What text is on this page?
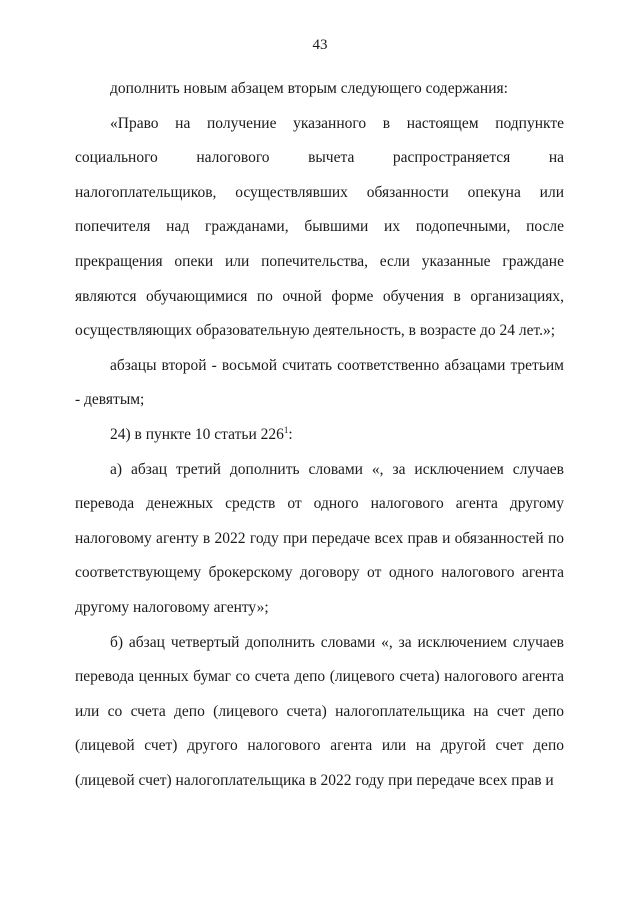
43

дополнить новым абзацем вторым следующего содержания:

«Право на получение указанного в настоящем подпункте социального налогового вычета распространяется на налогоплательщиков, осуществлявших обязанности опекуна или попечителя над гражданами, бывшими их подопечными, после прекращения опеки или попечительства, если указанные граждане являются обучающимися по очной форме обучения в организациях, осуществляющих образовательную деятельность, в возрасте до 24 лет.»;

абзацы второй - восьмой считать соответственно абзацами третьим - девятым;

24) в пункте 10 статьи $226^1$:

а) абзац третий дополнить словами «, за исключением случаев перевода денежных средств от одного налогового агента другому налоговому агенту в 2022 году при передаче всех прав и обязанностей по соответствующему брокерскому договору от одного налогового агента другому налоговому агенту»;

б) абзац четвертый дополнить словами «, за исключением случаев перевода ценных бумаг со счета депо (лицевого счета) налогового агента или со счета депо (лицевого счета) налогоплательщика на счет депо (лицевой счет) другого налогового агента или на другой счет депо (лицевой счет) налогоплательщика в 2022 году при передаче всех прав и
